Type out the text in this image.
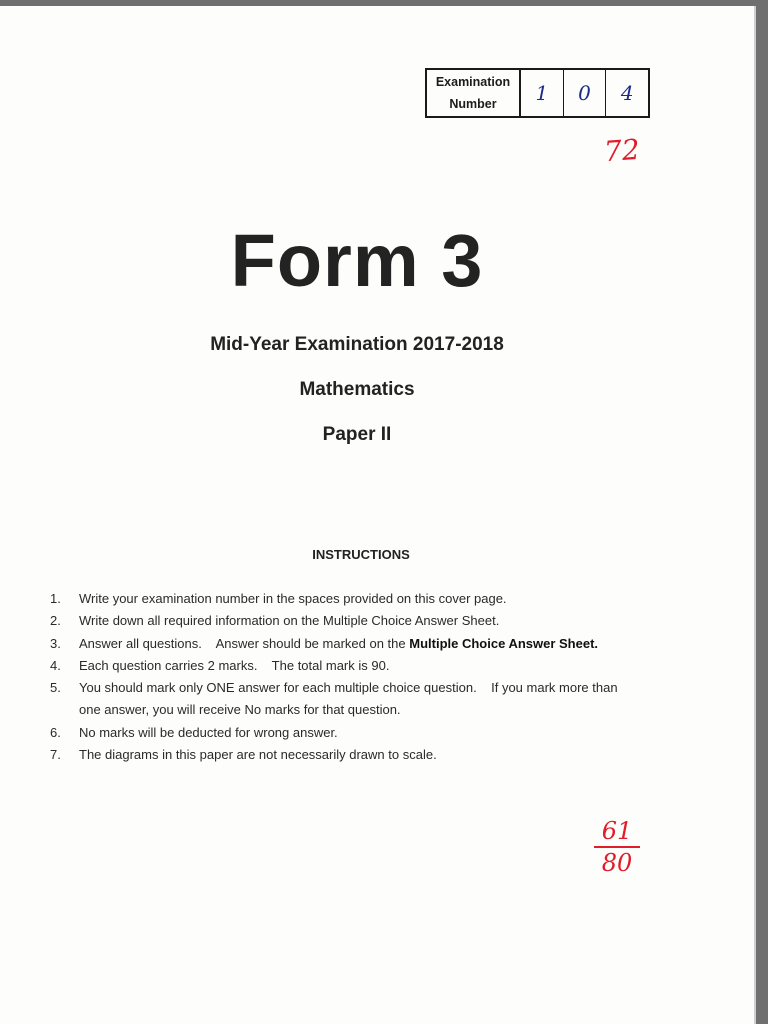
Examination
Number	1	0	4
72
Form 3
Mid-Year Examination 2017-2018
Mathematics
Paper II
INSTRUCTIONS
1.	Write your examination number in the spaces provided on this cover page.
2.	Write down all required information on the Multiple Choice Answer Sheet.
3.	Answer all questions.    Answer should be marked on the Multiple Choice Answer Sheet.
4.	Each question carries 2 marks.    The total mark is 90.
5.	You should mark only ONE answer for each multiple choice question.    If you mark more than
one answer, you will receive No marks for that question.
6.	No marks will be deducted for wrong answer.
7.	The diagrams in this paper are not necessarily drawn to scale.
61
80
